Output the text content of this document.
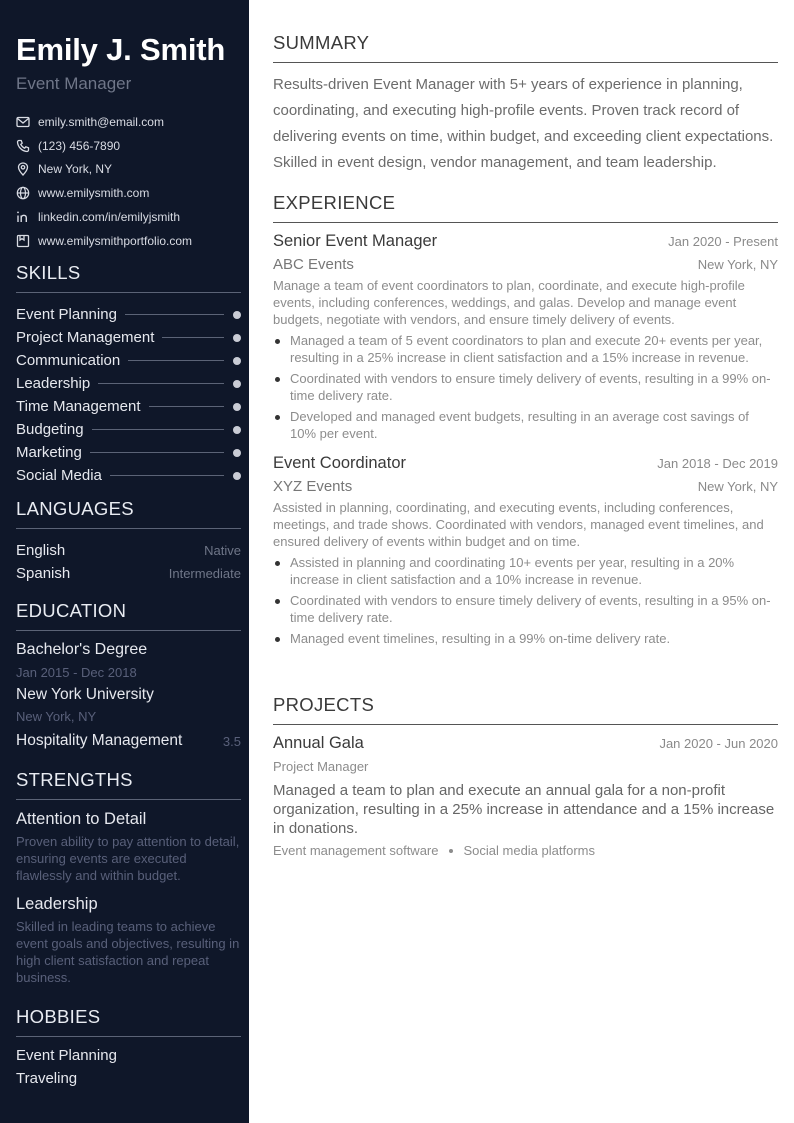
Emily J. Smith
Event Manager
emily.smith@email.com
(123) 456-7890
New York, NY
www.emilysmith.com
linkedin.com/in/emilyjsmith
www.emilysmithportfolio.com
SKILLS
Event Planning
Project Management
Communication
Leadership
Time Management
Budgeting
Marketing
Social Media
LANGUAGES
English	Native
Spanish	Intermediate
EDUCATION
Bachelor's Degree
Jan 2015 - Dec 2018
New York University
New York, NY
Hospitality Management	3.5
STRENGTHS
Attention to Detail
Proven ability to pay attention to detail, ensuring events are executed flawlessly and within budget.
Leadership
Skilled in leading teams to achieve event goals and objectives, resulting in high client satisfaction and repeat business.
HOBBIES
Event Planning
Traveling
SUMMARY

Results-driven Event Manager with 5+ years of experience in planning, coordinating, and executing high-profile events. Proven track record of delivering events on time, within budget, and exceeding client expectations. Skilled in event design, vendor management, and team leadership.

EXPERIENCE
Senior Event Manager	Jan 2020 - Present
ABC Events	New York, NY

Manage a team of event coordinators to plan, coordinate, and execute high-profile events, including conferences, weddings, and galas. Develop and manage event budgets, negotiate with vendors, and ensure timely delivery of events.

Managed a team of 5 event coordinators to plan and execute 20+ events per year, resulting in a 25% increase in client satisfaction and a 15% increase in revenue.
Coordinated with vendors to ensure timely delivery of events, resulting in a 99% on-time delivery rate.
Developed and managed event budgets, resulting in an average cost savings of 10% per event.
Event Coordinator	Jan 2018 - Dec 2019
XYZ Events	New York, NY

Assisted in planning, coordinating, and executing events, including conferences, meetings, and trade shows. Coordinated with vendors, managed event timelines, and ensured delivery of events within budget and on time.

Assisted in planning and coordinating 10+ events per year, resulting in a 20% increase in client satisfaction and a 10% increase in revenue.
Coordinated with vendors to ensure timely delivery of events, resulting in a 95% on-time delivery rate.
Managed event timelines, resulting in a 99% on-time delivery rate.
PROJECTS
Annual Gala	Jan 2020 - Jun 2020
Project Manager

Managed a team to plan and execute an annual gala for a non-profit organization, resulting in a 25% increase in attendance and a 15% increase in donations.

Event management software Social media platforms
